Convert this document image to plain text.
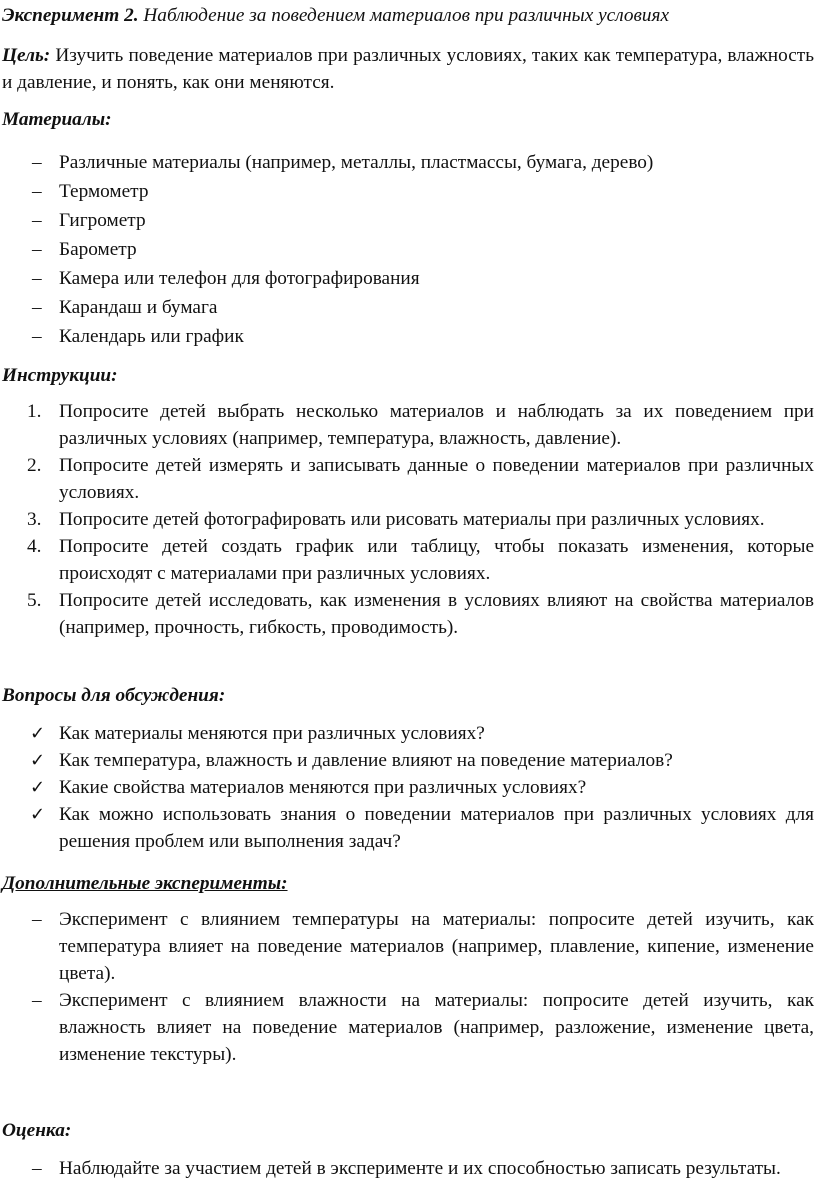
Эксперимент 2. Наблюдение за поведением материалов при различных условиях
Цель: Изучить поведение материалов при различных условиях, таких как температура, влажность и давление, и понять, как они меняются.
Материалы:
– Различные материалы (например, металлы, пластмассы, бумага, дерево)
– Термометр
– Гигрометр
– Барометр
– Камера или телефон для фотографирования
– Карандаш и бумага
– Календарь или график
Инструкции:
1. Попросите детей выбрать несколько материалов и наблюдать за их поведением при различных условиях (например, температура, влажность, давление).
2. Попросите детей измерять и записывать данные о поведении материалов при различных условиях.
3. Попросите детей фотографировать или рисовать материалы при различных условиях.
4. Попросите детей создать график или таблицу, чтобы показать изменения, которые происходят с материалами при различных условиях.
5. Попросите детей исследовать, как изменения в условиях влияют на свойства материалов (например, прочность, гибкость, проводимость).
Вопросы для обсуждения:
✓ Как материалы меняются при различных условиях?
✓ Как температура, влажность и давление влияют на поведение материалов?
✓ Какие свойства материалов меняются при различных условиях?
✓ Как можно использовать знания о поведении материалов при различных условиях для решения проблем или выполнения задач?
Дополнительные эксперименты:
– Эксперимент с влиянием температуры на материалы: попросите детей изучить, как температура влияет на поведение материалов (например, плавление, кипение, изменение цвета).
– Эксперимент с влиянием влажности на материалы: попросите детей изучить, как влажность влияет на поведение материалов (например, разложение, изменение цвета, изменение текстуры).
Оценка:
– Наблюдайте за участием детей в эксперименте и их способностью записать результаты.
